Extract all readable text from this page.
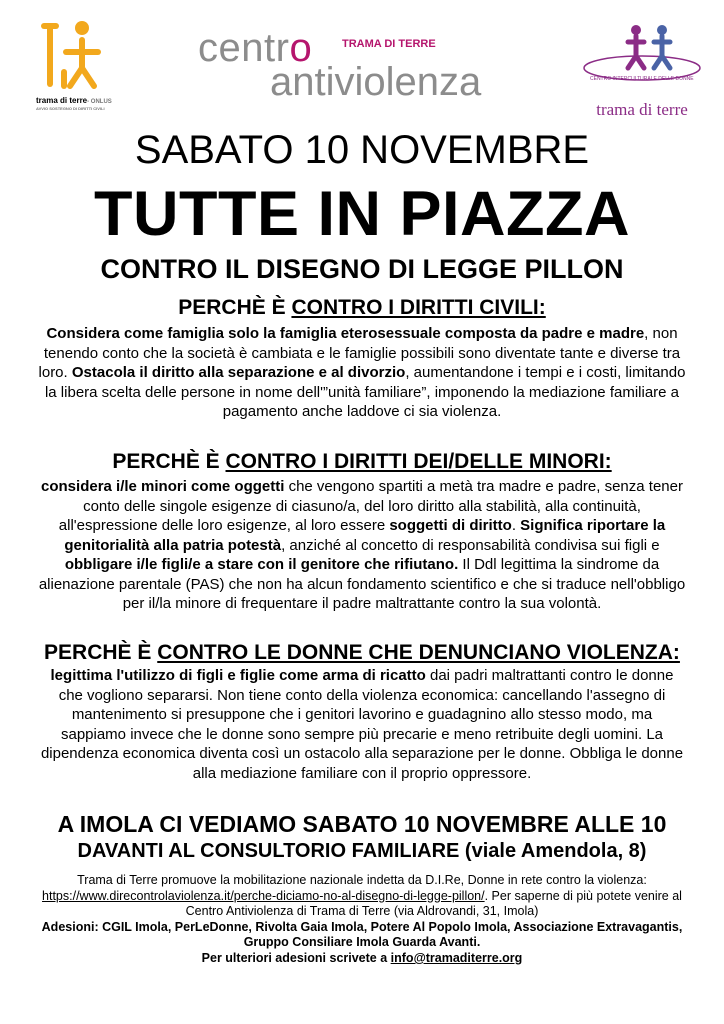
trama di terre- ONLUS
AVVIO SOSTEGNO DI DIRITTI CIVILI
centro	TRAMA DI TERRE
antiviolenza	CENTRO INTERCULTURALE DELLE DONNE
trama di terre
SABATO 10 NOVEMBRE
TUTTE IN PIAZZA
CONTRO IL DISEGNO DI LEGGE PILLON
PERCHÈ È CONTRO I DIRITTI CIVILI:
Considera come famiglia solo la famiglia eterosessuale composta da padre e madre, non tenendo conto che la società è cambiata e le famiglie possibili sono diventate tante e diverse tra loro. Ostacola il diritto alla separazione e al divorzio, aumentandone i tempi e i costi, limitando la libera scelta delle persone in nome dell'”unità familiare”, imponendo la mediazione familiare a pagamento anche laddove ci sia violenza.
PERCHÈ È CONTRO I DIRITTI DEI/DELLE MINORI:
considera i/le minori come oggetti che vengono spartiti a metà tra madre e padre, senza tener conto delle singole esigenze di ciasuno/a, del loro diritto alla stabilità, alla continuità, all'espressione delle loro esigenze, al loro essere soggetti di diritto. Significa riportare la genitorialità alla patria potestà, anziché al concetto di responsabilità condivisa sui figli e obbligare i/le figli/e a stare con il genitore che rifiutano. Il Ddl legittima la sindrome da alienazione parentale (PAS) che non ha alcun fondamento scientifico e che si traduce nell'obbligo per il/la minore di frequentare il padre maltrattante contro la sua volontà.
PERCHÈ È CONTRO LE DONNE CHE DENUNCIANO VIOLENZA:
legittima l'utilizzo di figli e figlie come arma di ricatto dai padri maltrattanti contro le donne che vogliono separarsi. Non tiene conto della violenza economica: cancellando l'assegno di mantenimento si presuppone che i genitori lavorino e guadagnino allo stesso modo, ma sappiamo invece che le donne sono sempre più precarie e meno retribuite degli uomini. La dipendenza economica diventa così un ostacolo alla separazione per le donne. Obbliga le donne alla mediazione familiare con il proprio oppressore.
A IMOLA CI VEDIAMO SABATO 10 NOVEMBRE ALLE 10
DAVANTI AL CONSULTORIO FAMILIARE (viale Amendola, 8)
Trama di Terre promuove la mobilitazione nazionale indetta da D.I.Re, Donne in rete contro la violenza: https://www.direcontrolaviolenza.it/perche-diciamo-no-al-disegno-di-legge-pillon/. Per saperne di più potete venire al Centro Antiviolenza di Trama di Terre (via Aldrovandi, 31, Imola)
Adesioni: CGIL Imola, PerLeDonne, Rivolta Gaia Imola, Potere Al Popolo Imola, Associazione Extravagantis, Gruppo Consiliare Imola Guarda Avanti.
Per ulteriori adesioni scrivete a info@tramaditerre.org
